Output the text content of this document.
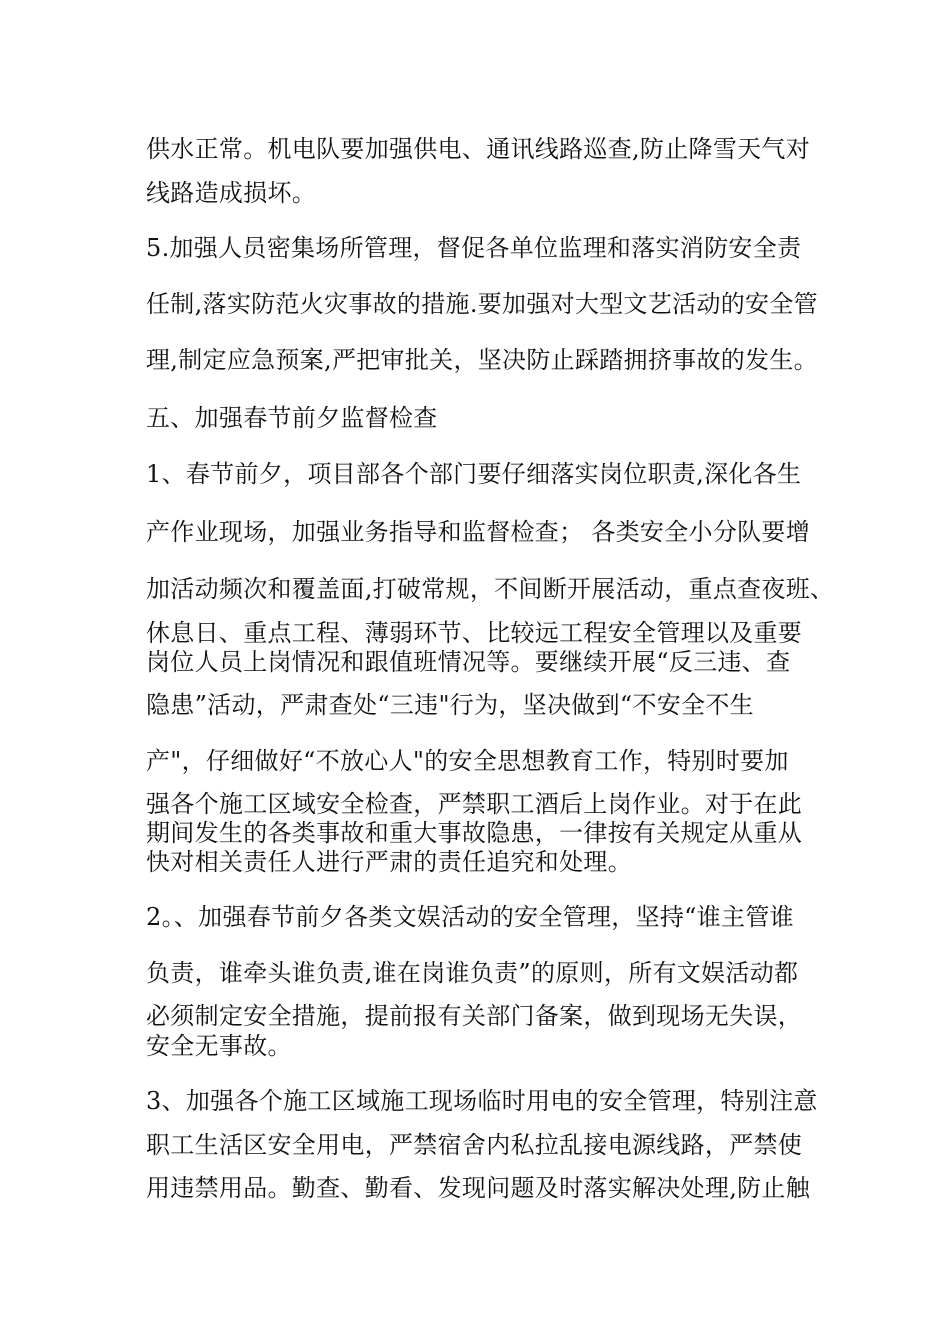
供水正常。机电队要加强供电、通讯线路巡查,防止降雪天气对
线路造成损坏。
5.加强人员密集场所管理，督促各单位监理和落实消防安全责
任制,落实防范火灾事故的措施.要加强对大型文艺活动的安全管
理,制定应急预案,严把审批关，坚决防止踩踏拥挤事故的发生。
五、加强春节前夕监督检查
1、春节前夕，项目部各个部门要仔细落实岗位职责,深化各生
产作业现场，加强业务指导和监督检查； 各类安全小分队要增
加活动频次和覆盖面,打破常规，不间断开展活动，重点查夜班、
休息日、重点工程、薄弱环节、比较远工程安全管理以及重要
岗位人员上岗情况和跟值班情况等。要继续开展“反三违、查
隐患”活动，严肃查处“三违"行为，坚决做到“不安全不生
产"，仔细做好“不放心人"的安全思想教育工作，特别时要加
强各个施工区域安全检查，严禁职工酒后上岗作业。对于在此
期间发生的各类事故和重大事故隐患，一律按有关规定从重从
快对相关责任人进行严肃的责任追究和处理。
2。、加强春节前夕各类文娱活动的安全管理，坚持“谁主管谁
负责，谁牵头谁负责,谁在岗谁负责”的原则，所有文娱活动都
必须制定安全措施，提前报有关部门备案，做到现场无失误，
安全无事故。
3、加强各个施工区域施工现场临时用电的安全管理，特别注意
职工生活区安全用电，严禁宿舍内私拉乱接电源线路，严禁使
用违禁用品。勤查、勤看、发现问题及时落实解决处理,防止触
